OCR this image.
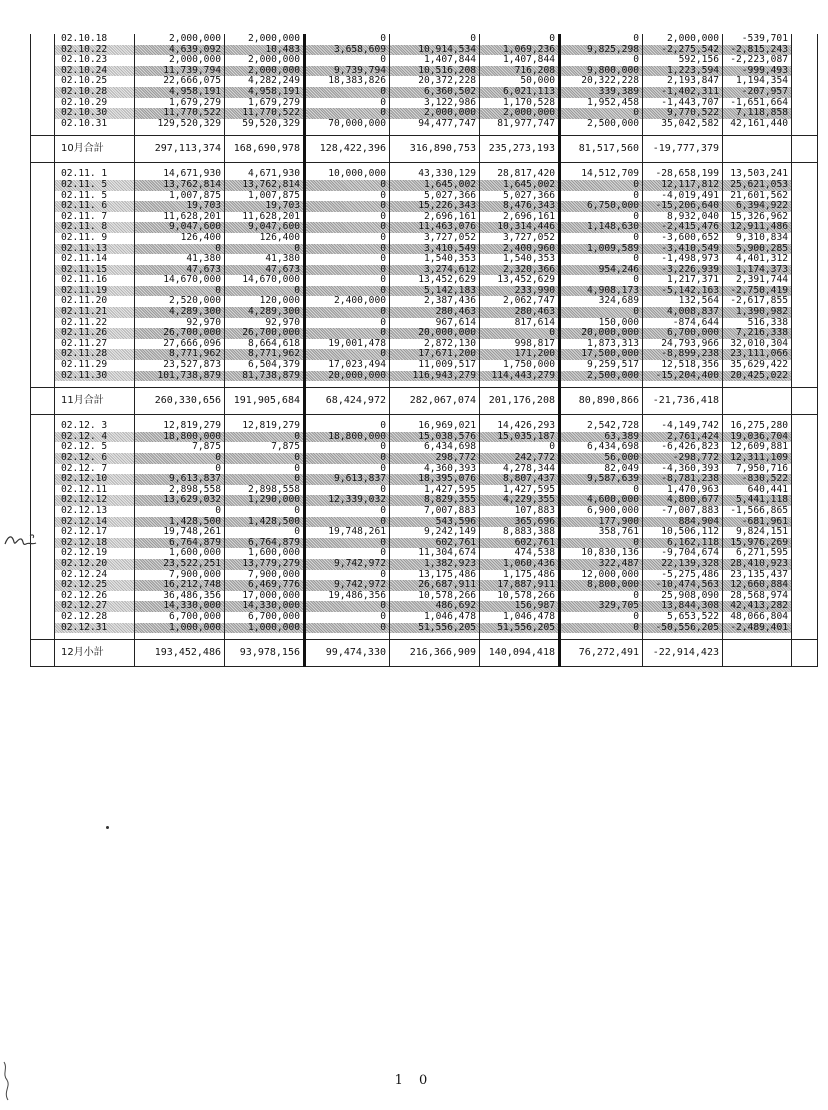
	02.10.18	2,000,000	2,000,000	0	0	0	0	2,000,000	-539,701	
	02.10.22	4,639,092	10,483	3,658,609	10,914,534	1,069,236	9,825,298	-2,275,542	-2,815,243	
	02.10.23	2,000,000	2,000,000	0	1,407,844	1,407,844	0	592,156	-2,223,087	
	02.10.24	11,739,794	2,000,000	9,739,794	10,516,208	716,208	9,800,000	1,223,594	-999,493	
	02.10.25	22,666,075	4,282,249	18,383,826	20,372,228	50,000	20,322,228	2,193,847	1,194,354	
	02.10.28	4,958,191	4,958,191	0	6,360,502	6,021,113	339,389	-1,402,311	-207,957	
	02.10.29	1,679,279	1,679,279	0	3,122,986	1,170,528	1,952,458	-1,443,707	-1,651,664	
	02.10.30	11,770,522	11,770,522	0	2,000,000	2,000,000	0	9,770,522	7,118,858	
	02.10.31	129,520,329	59,520,329	70,000,000	94,477,747	81,977,747	2,500,000	35,042,582	42,161,440	

	10月合計	297,113,374	168,690,978	128,422,396	316,890,753	235,273,193	81,517,560	-19,777,379		

	02.11. 1	14,671,930	4,671,930	10,000,000	43,330,129	28,817,420	14,512,709	-28,658,199	13,503,241	
	02.11. 5	13,762,814	13,762,814	0	1,645,002	1,645,002	0	12,117,812	25,621,053	
	02.11. 5	1,007,875	1,007,875	0	5,027,366	5,027,366	0	-4,019,491	21,601,562	
	02.11. 6	19,703	19,703	0	15,226,343	8,476,343	6,750,000	-15,206,640	6,394,922	
	02.11. 7	11,628,201	11,628,201	0	2,696,161	2,696,161	0	8,932,040	15,326,962	
	02.11. 8	9,047,600	9,047,600	0	11,463,076	10,314,446	1,148,630	-2,415,476	12,911,486	
	02.11. 9	126,400	126,400	0	3,727,052	3,727,052	0	-3,600,652	9,310,834	
	02.11.13	0	0	0	3,410,549	2,400,960	1,009,589	-3,410,549	5,900,285	
	02.11.14	41,380	41,380	0	1,540,353	1,540,353	0	-1,498,973	4,401,312	
	02.11.15	47,673	47,673	0	3,274,612	2,320,366	954,246	-3,226,939	1,174,373	
	02.11.16	14,670,000	14,670,000	0	13,452,629	13,452,629	0	1,217,371	2,391,744	
	02.11.19	0	0	0	5,142,183	233,990	4,908,173	-5,142,163	-2,750,419	
	02.11.20	2,520,000	120,000	2,400,000	2,387,436	2,062,747	324,689	132,564	-2,617,855	
	02.11.21	4,289,300	4,289,300	0	280,463	280,463	0	4,008,837	1,390,982	
	02.11.22	92,970	92,970	0	967,614	817,614	150,000	-874,644	516,338	
	02.11.26	26,700,000	26,700,000	0	20,000,000	0	20,000,000	6,700,000	7,216,338	
	02.11.27	27,666,096	8,664,618	19,001,478	2,872,130	998,817	1,873,313	24,793,966	32,010,304	
	02.11.28	8,771,962	8,771,962	0	17,671,200	171,200	17,500,000	-8,899,238	23,111,066	
	02.11.29	23,527,873	6,504,379	17,023,494	11,009,517	1,750,000	9,259,517	12,518,356	35,629,422	
	02.11.30	101,738,879	81,738,879	20,000,000	116,943,279	114,443,279	2,500,000	-15,204,400	20,425,022	

	11月合計	260,330,656	191,905,684	68,424,972	282,067,074	201,176,208	80,890,866	-21,736,418		

	02.12. 3	12,819,279	12,819,279	0	16,969,021	14,426,293	2,542,728	-4,149,742	16,275,280	
	02.12. 4	18,800,000	0	18,800,000	15,038,576	15,035,187	63,389	2,761,424	19,036,704	
	02.12. 5	7,875	7,875	0	6,434,698	0	6,434,698	-6,426,823	12,609,881	
	02.12. 6	0	0	0	298,772	242,772	56,000	-298,772	12,311,109	
	02.12. 7	0	0	0	4,360,393	4,278,344	82,049	-4,360,393	7,950,716	
	02.12.10	9,613,837	0	9,613,837	18,395,076	8,807,437	9,587,639	-8,781,238	-830,522	
	02.12.11	2,898,558	2,898,558	0	1,427,595	1,427,595	0	1,470,963	640,441	
	02.12.12	13,629,032	1,290,000	12,339,032	8,829,355	4,229,355	4,600,000	4,800,677	5,441,118	
	02.12.13	0	0	0	7,007,883	107,883	6,900,000	-7,007,883	-1,566,865	
	02.12.14	1,428,500	1,428,500	0	543,596	365,696	177,900	884,904	-681,961	
	02.12.17	19,748,261	0	19,748,261	9,242,149	8,883,388	358,761	10,506,112	9,824,151	
	02.12.18	6,764,879	6,764,879	0	602,761	602,761	0	6,162,118	15,976,269	
	02.12.19	1,600,000	1,600,000	0	11,304,674	474,538	10,830,136	-9,704,674	6,271,595	
	02.12.20	23,522,251	13,779,279	9,742,972	1,382,923	1,060,436	322,487	22,139,328	28,410,923	
	02.12.24	7,900,000	7,900,000	0	13,175,486	1,175,486	12,000,000	-5,275,486	23,135,437	
	02.12.25	16,212,748	6,469,776	9,742,972	26,687,911	17,887,911	8,800,000	-10,474,563	12,660,884	
	02.12.26	36,486,356	17,000,000	19,486,356	10,578,266	10,578,266	0	25,908,090	28,568,974	
	02.12.27	14,330,000	14,330,000	0	486,692	156,987	329,705	13,844,308	42,413,282	
	02.12.28	6,700,000	6,700,000	0	1,046,478	1,046,478	0	5,653,522	48,066,804	
	02.12.31	1,000,000	1,000,000	0	51,556,205	51,556,205	0	-50,556,205	-2,489,401	

	12月小計	193,452,486	93,978,156	99,474,330	216,366,909	140,094,418	76,272,491	-22,914,423		
1 0
